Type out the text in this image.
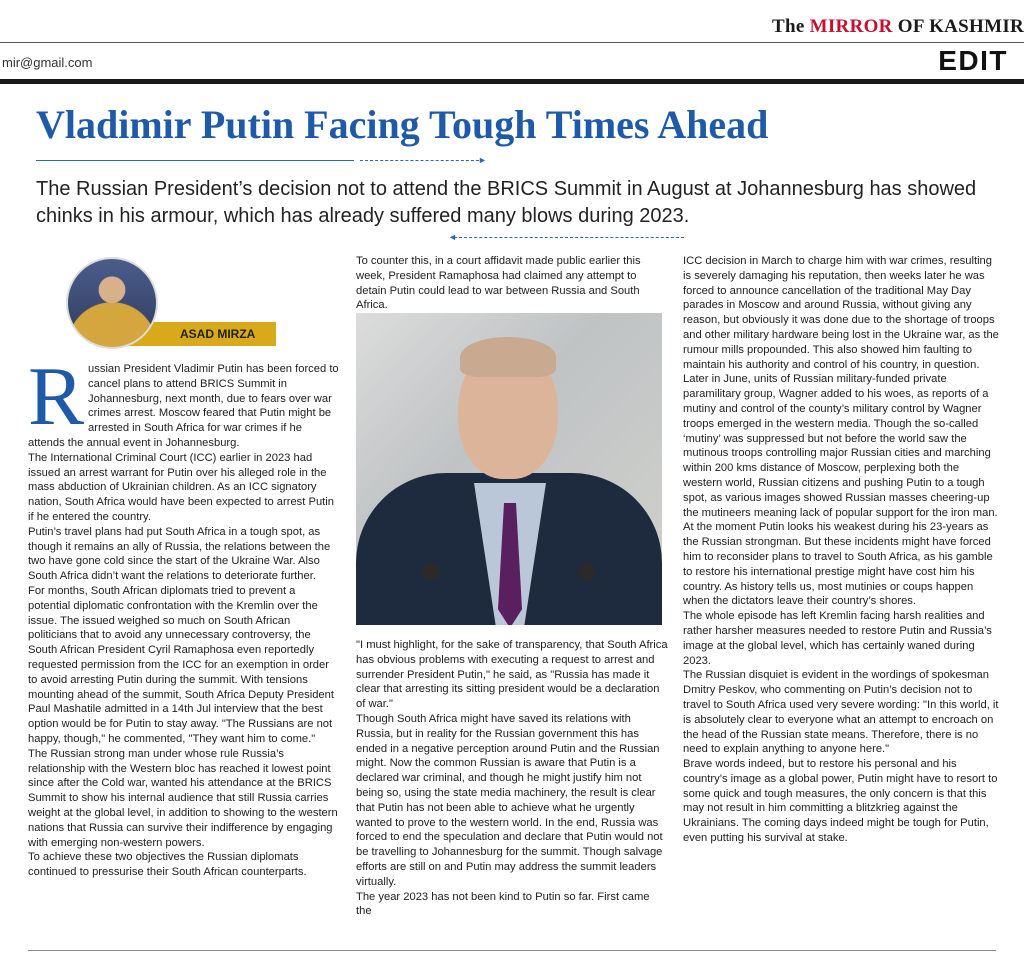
The MIRROR OF KASHMIR
mir@gmail.com	EDIT
Vladimir Putin Facing Tough Times Ahead
►

The Russian President’s decision not to attend the BRICS Summit in August at Johannesburg has showed chinks in his armour, which has already suffered many blows during 2023.

◄
ASAD MIRZA
R ussian President Vladimir Putin has been forced to cancel plans to attend BRICS Summit in Johannesburg, next month, due to fears over war crimes arrest. Moscow feared that Putin might be arrested in South Africa for war crimes if he attends the annual event in Johannesburg.

The International Criminal Court (ICC) earlier in 2023 had issued an arrest warrant for Putin over his alleged role in the mass abduction of Ukrainian children. As an ICC signatory nation, South Africa would have been expected to arrest Putin if he entered the country.

Putin’s travel plans had put South Africa in a tough spot, as though it remains an ally of Russia, the relations between the two have gone cold since the start of the Ukraine War. Also South Africa didn’t want the relations to deteriorate further.

For months, South African diplomats tried to prevent a potential diplomatic confrontation with the Kremlin over the issue. The issued weighed so much on South African politicians that to avoid any unnecessary controversy, the South African President Cyril Ramaphosa even reportedly requested permission from the ICC for an exemption in order to avoid arresting Putin during the summit. With tensions mounting ahead of the summit, South Africa Deputy President Paul Mashatile admitted in a 14th Jul interview that the best option would be for Putin to stay away. "The Russians are not happy, though," he commented, "They want him to come."

The Russian strong man under whose rule Russia’s relationship with the Western bloc has reached it lowest point since after the Cold war, wanted his attendance at the BRICS Summit to show his internal audience that still Russia carries weight at the global level, in addition to showing to the western nations that Russia can survive their indifference by engaging with emerging non-western powers.

To achieve these two objectives the Russian diplomats continued to pressurise their South African counterparts.

To counter this, in a court affidavit made public earlier this week, President Ramaphosa had claimed any attempt to detain Putin could lead to war between Russia and South Africa.

"I must highlight, for the sake of transparency, that South Africa has obvious problems with executing a request to arrest and surrender President Putin," he said, as "Russia has made it clear that arresting its sitting president would be a declaration of war."

Though South Africa might have saved its relations with Russia, but in reality for the Russian government this has ended in a negative perception around Putin and the Russian might. Now the common Russian is aware that Putin is a declared war criminal, and though he might justify him not being so, using the state media machinery, the result is clear that Putin has not been able to achieve what he urgently wanted to prove to the western world. In the end, Russia was forced to end the speculation and declare that Putin would not be travelling to Johannesburg for the summit. Though salvage efforts are still on and Putin may address the summit leaders virtually.

The year 2023 has not been kind to Putin so far. First came the

ICC decision in March to charge him with war crimes, resulting is severely damaging his reputation, then weeks later he was forced to announce cancellation of the traditional May Day parades in Moscow and around Russia, without giving any reason, but obviously it was done due to the shortage of troops and other military hardware being lost in the Ukraine war, as the rumour mills propounded. This also showed him faulting to maintain his authority and control of his country, in question.

Later in June, units of Russian military-funded private paramilitary group, Wagner added to his woes, as reports of a mutiny and control of the county’s military control by Wagner troops emerged in the western media. Though the so-called ‘mutiny’ was suppressed but not before the world saw the mutinous troops controlling major Russian cities and marching within 200 kms distance of Moscow, perplexing both the western world, Russian citizens and pushing Putin to a tough spot, as various images showed Russian masses cheering-up the mutineers meaning lack of popular support for the iron man.

At the moment Putin looks his weakest during his 23-years as the Russian strongman. But these incidents might have forced him to reconsider plans to travel to South Africa, as his gamble to restore his international prestige might have cost him his country. As history tells us, most mutinies or coups happen when the dictators leave their country’s shores.

The whole episode has left Kremlin facing harsh realities and rather harsher measures needed to restore Putin and Russia’s image at the global level, which has certainly waned during 2023.

The Russian disquiet is evident in the wordings of spokesman Dmitry Peskov, who commenting on Putin’s decision not to travel to South Africa used very severe wording: "In this world, it is absolutely clear to everyone what an attempt to encroach on the head of the Russian state means. Therefore, there is no need to explain anything to anyone here."

Brave words indeed, but to restore his personal and his country’s image as a global power, Putin might have to resort to some quick and tough measures, the only concern is that this may not result in him committing a blitzkrieg against the Ukrainians. The coming days indeed might be tough for Putin, even putting his survival at stake.
